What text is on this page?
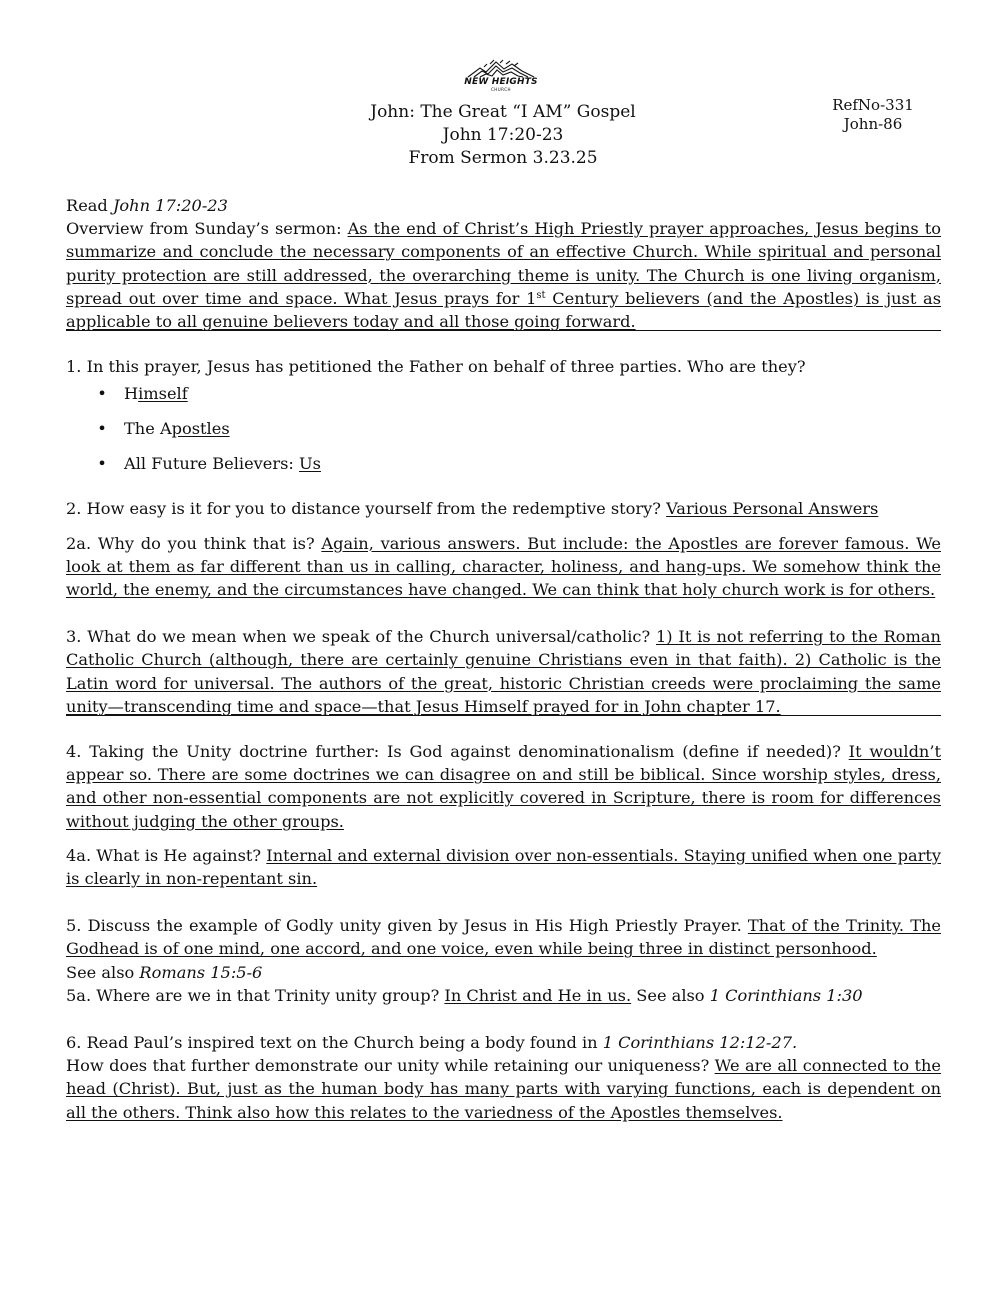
NEW HEIGHTS
CHURCH
John: The Great “I AM” Gospel
John 17:20-23
From Sermon 3.23.25
RefNo-331
John-86

Read John 17:20-23

Overview from Sunday’s sermon: As the end of Christ’s High Priestly prayer approaches, Jesus begins to summarize and conclude the necessary components of an effective Church. While spiritual and personal purity protection are still addressed, the overarching theme is unity. The Church is one living organism, spread out over time and space. What Jesus prays for 1st Century believers (and the Apostles) is just as applicable to all genuine believers today and all those going forward.

1. In this prayer, Jesus has petitioned the Father on behalf of three parties. Who are they?

• Himself
• The Apostles
• All Future Believers: Us

2. How easy is it for you to distance yourself from the redemptive story? Various Personal Answers

2a. Why do you think that is? Again, various answers. But include: the Apostles are forever famous. We look at them as far different than us in calling, character, holiness, and hang-ups. We somehow think the world, the enemy, and the circumstances have changed. We can think that holy church work is for others.

3. What do we mean when we speak of the Church universal/catholic? 1) It is not referring to the Roman Catholic Church (although, there are certainly genuine Christians even in that faith). 2) Catholic is the Latin word for universal. The authors of the great, historic Christian creeds were proclaiming the same unity—transcending time and space—that Jesus Himself prayed for in John chapter 17.

4. Taking the Unity doctrine further: Is God against denominationalism (define if needed)? It wouldn’t appear so. There are some doctrines we can disagree on and still be biblical. Since worship styles, dress, and other non-essential components are not explicitly covered in Scripture, there is room for differences without judging the other groups.

4a. What is He against? Internal and external division over non-essentials. Staying unified when one party is clearly in non-repentant sin.

5. Discuss the example of Godly unity given by Jesus in His High Priestly Prayer. That of the Trinity. The Godhead is of one mind, one accord, and one voice, even while being three in distinct personhood.

See also Romans 15:5-6

5a. Where are we in that Trinity unity group? In Christ and He in us. See also 1 Corinthians 1:30

6. Read Paul’s inspired text on the Church being a body found in 1 Corinthians 12:12-27.

How does that further demonstrate our unity while retaining our uniqueness? We are all connected to the head (Christ). But, just as the human body has many parts with varying functions, each is dependent on all the others. Think also how this relates to the variedness of the Apostles themselves.
